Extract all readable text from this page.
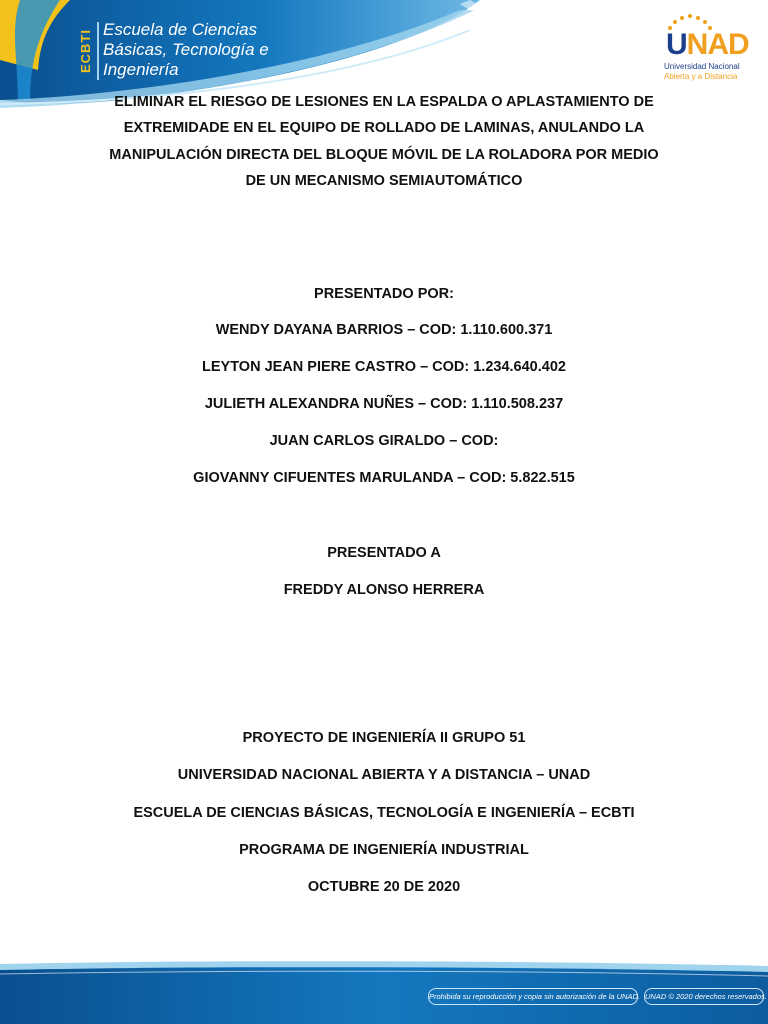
ECBTI Escuela de Ciencias
Básicas, Tecnología e
Ingeniería
UNAD
Universidad Nacional
Abierta y a Distancia
ELIMINAR EL RIESGO DE LESIONES EN LA ESPALDA O APLASTAMIENTO DE
EXTREMIDADE EN EL EQUIPO DE ROLLADO DE LAMINAS, ANULANDO LA
MANIPULACIÓN DIRECTA DEL BLOQUE MÓVIL DE LA ROLADORA POR MEDIO
DE UN MECANISMO SEMIAUTOMÁTICO
PRESENTADO POR:
WENDY DAYANA BARRIOS – COD: 1.110.600.371
LEYTON JEAN PIERE CASTRO – COD: 1.234.640.402
JULIETH ALEXANDRA NUÑES – COD: 1.110.508.237
JUAN CARLOS GIRALDO – COD:
GIOVANNY CIFUENTES MARULANDA – COD: 5.822.515
PRESENTADO A
FREDDY ALONSO HERRERA
PROYECTO DE INGENIERÍA II GRUPO 51
UNIVERSIDAD NACIONAL ABIERTA Y A DISTANCIA – UNAD
ESCUELA DE CIENCIAS BÁSICAS, TECNOLOGÍA E INGENIERÍA – ECBTI
PROGRAMA DE INGENIERÍA INDUSTRIAL
OCTUBRE 20 DE 2020
Prohibida su reproducción y copia sin autorización de la UNAD. UNAD © 2020 derechos reservados.
